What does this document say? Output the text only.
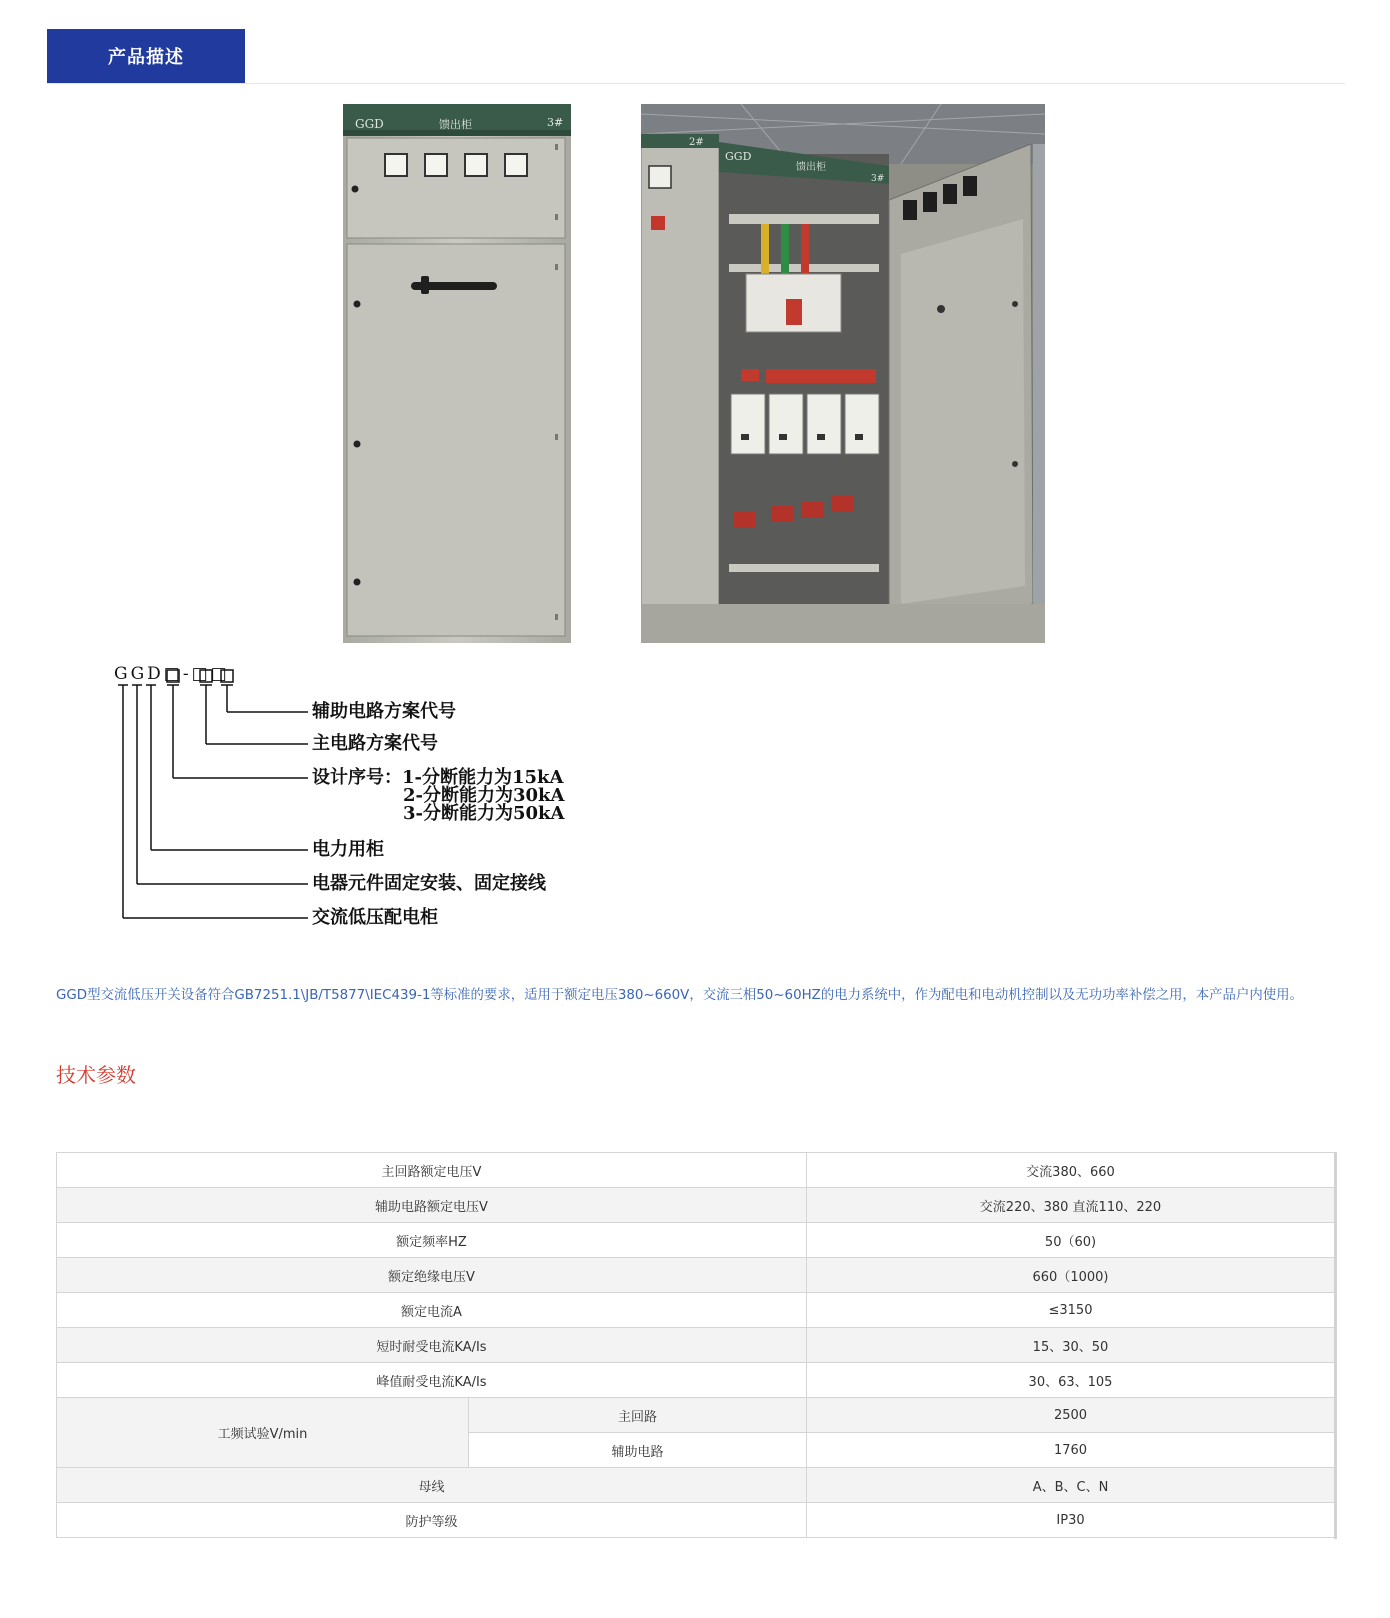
产品描述
GGD	馈出柜	3#
2#
GGD
馈出柜
3#
GGD□-□□
辅助电路方案代号
主电路方案代号
设计序号：1-分断能力为15kA
2-分断能力为30kA
3-分断能力为50kA
电力用柜
电器元件固定安装、固定接线
交流低压配电柜
GGD型交流低压开关设备符合GB7251.1\JB/T5877\IEC439-1等标准的要求，适用于额定电压380~660V，交流三相50~60HZ的电力系统中，作为配电和电动机控制以及无功功率补偿之用，本产品户内使用。
技术参数
主回路额定电压V		交流380、660
辅助电路额定电压V		交流220、380 直流110、220
额定频率HZ		50（60)
额定绝缘电压V		660（1000)
额定电流A		≤3150
短时耐受电流KA/Is		15、30、50
峰值耐受电流KA/Is		30、63、105
工频试验V/min	主回路	2500
	辅助电路	1760
母线		A、B、C、N
防护等级		IP30
